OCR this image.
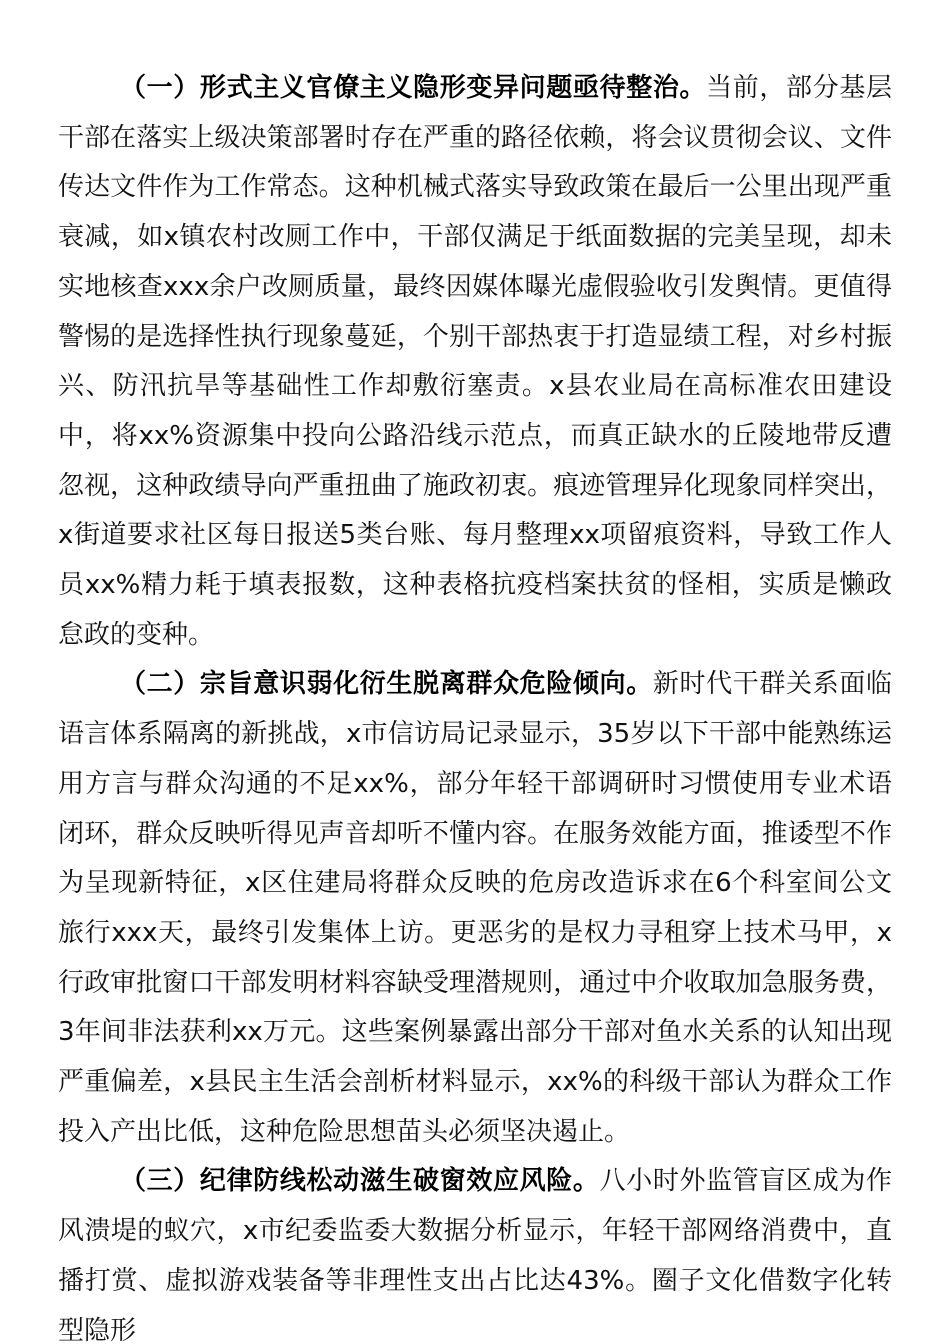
（一）形式主义官僚主义隐形变异问题亟待整治。当前，部分基层干部在落实上级决策部署时存在严重的路径依赖，将会议贯彻会议、文件传达文件作为工作常态。这种机械式落实导致政策在最后一公里出现严重衰减，如x镇农村改厕工作中，干部仅满足于纸面数据的完美呈现，却未实地核查xxx余户改厕质量，最终因媒体曝光虚假验收引发舆情。更值得警惕的是选择性执行现象蔓延，个别干部热衷于打造显绩工程，对乡村振兴、防汛抗旱等基础性工作却敷衍塞责。x县农业局在高标准农田建设中，将xx%资源集中投向公路沿线示范点，而真正缺水的丘陵地带反遭忽视，这种政绩导向严重扭曲了施政初衷。痕迹管理异化现象同样突出，x街道要求社区每日报送5类台账、每月整理xx项留痕资料，导致工作人员xx%精力耗于填表报数，这种表格抗疫档案扶贫的怪相，实质是懒政怠政的变种。

（二）宗旨意识弱化衍生脱离群众危险倾向。新时代干群关系面临语言体系隔离的新挑战，x市信访局记录显示，35岁以下干部中能熟练运用方言与群众沟通的不足xx%，部分年轻干部调研时习惯使用专业术语闭环，群众反映听得见声音却听不懂内容。在服务效能方面，推诿型不作为呈现新特征，x区住建局将群众反映的危房改造诉求在6个科室间公文旅行xxx天，最终引发集体上访。更恶劣的是权力寻租穿上技术马甲，x行政审批窗口干部发明材料容缺受理潜规则，通过中介收取加急服务费，3年间非法获利xx万元。这些案例暴露出部分干部对鱼水关系的认知出现严重偏差，x县民主生活会剖析材料显示，xx%的科级干部认为群众工作投入产出比低，这种危险思想苗头必须坚决遏止。

（三）纪律防线松动滋生破窗效应风险。八小时外监管盲区成为作风溃堤的蚁穴，x市纪委监委大数据分析显示，年轻干部网络消费中，直播打赏、虚拟游戏装备等非理性支出占比达43%。圈子文化借数字化转型隐形
